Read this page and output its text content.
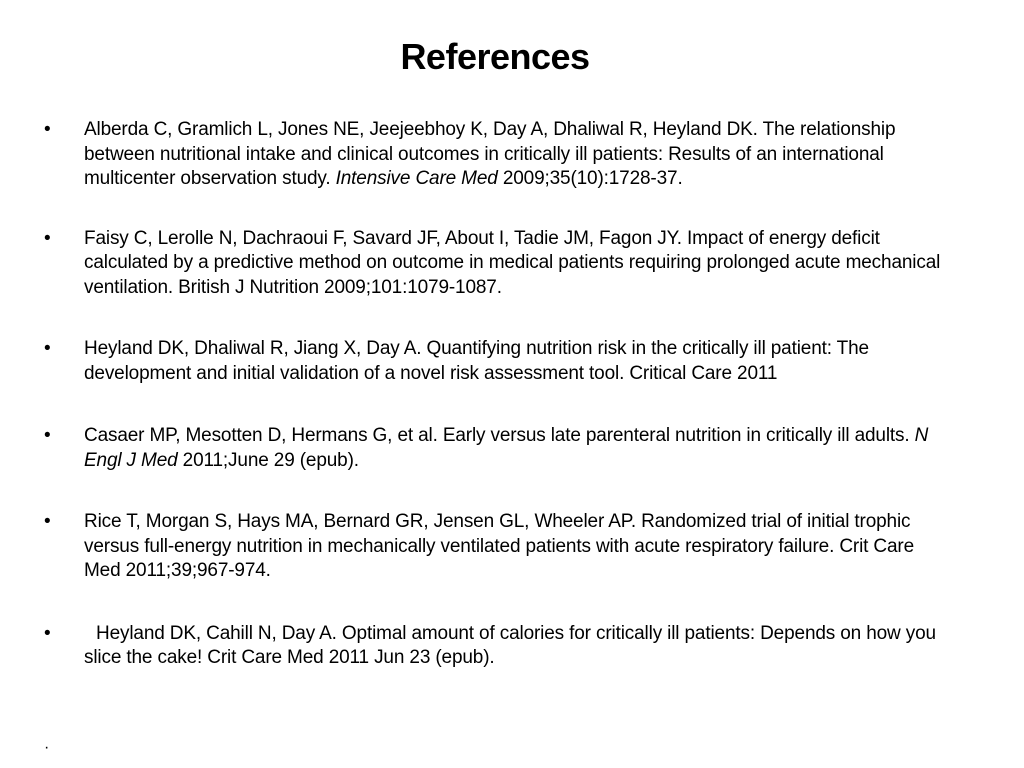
References
• Alberda C, Gramlich L, Jones NE, Jeejeebhoy K, Day A, Dhaliwal R, Heyland DK. The relationship between nutritional intake and clinical outcomes in critically ill patients: Results of an international multicenter observation study. Intensive Care Med 2009;35(10):1728-37.
• Faisy C, Lerolle N, Dachraoui F, Savard JF, About I, Tadie JM, Fagon JY. Impact of energy deficit calculated by a predictive method on outcome in medical patients requiring prolonged acute mechanical ventilation. British J Nutrition 2009;101:1079-1087.
• Heyland DK, Dhaliwal R, Jiang X, Day A. Quantifying nutrition risk in the critically ill patient: The development and initial validation of a novel risk assessment tool. Critical Care 2011
• Casaer MP, Mesotten D, Hermans G, et al. Early versus late parenteral nutrition in critically ill adults. N Engl J Med 2011;June 29 (epub).
• Rice T, Morgan S, Hays MA, Bernard GR, Jensen GL, Wheeler AP. Randomized trial of initial trophic versus full-energy nutrition in mechanically ventilated patients with acute respiratory failure. Crit Care Med 2011;39;967-974.
• Heyland DK, Cahill N, Day A. Optimal amount of calories for critically ill patients: Depends on how you slice the cake! Crit Care Med 2011 Jun 23 (epub).
·
